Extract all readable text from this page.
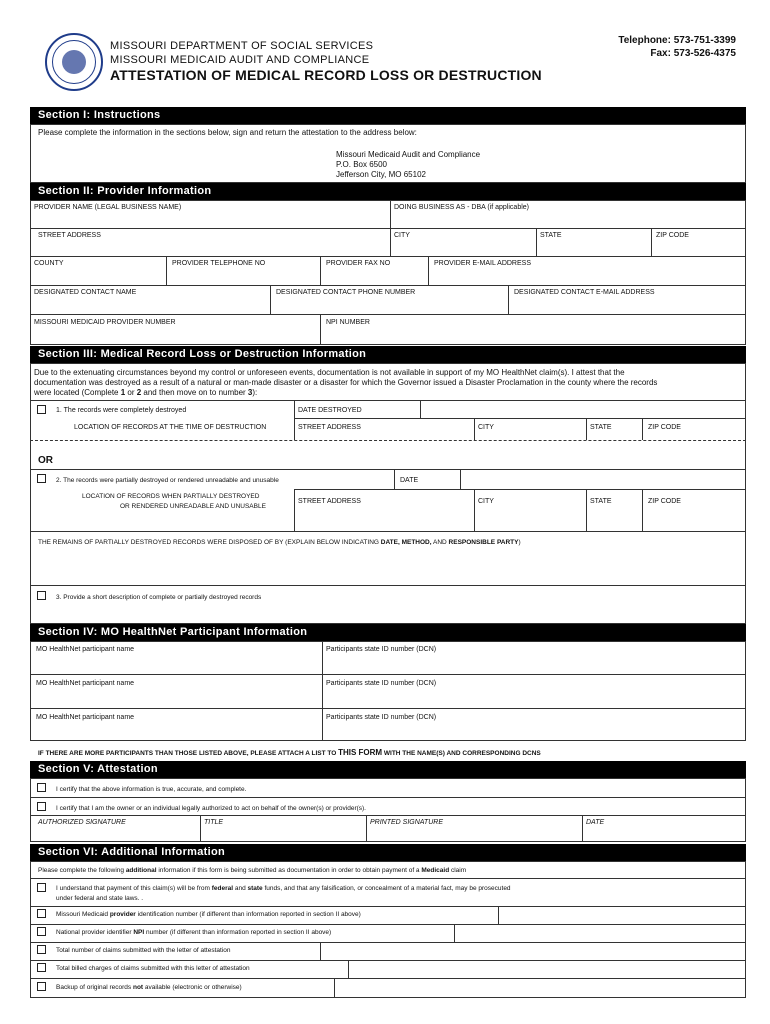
MISSOURI DEPARTMENT OF SOCIAL SERVICES
MISSOURI MEDICAID AUDIT AND COMPLIANCE
ATTESTATION OF MEDICAL RECORD LOSS OR DESTRUCTION
Telephone: 573-751-3399
Fax: 573-526-4375
Section I: Instructions
Please complete the information in the sections below, sign and return the attestation to the address below:
Missouri Medicaid Audit and Compliance
P.O. Box 6500
Jefferson City, MO 65102
Section II: Provider Information
PROVIDER NAME (LEGAL BUSINESS NAME)	DOING BUSINESS AS - DBA (if applicable)
STREET ADDRESS	CITY	STATE	ZIP CODE
COUNTY	PROVIDER TELEPHONE NO	PROVIDER FAX NO	PROVIDER E-MAIL ADDRESS
DESIGNATED CONTACT NAME	DESIGNATED CONTACT PHONE NUMBER	DESIGNATED CONTACT E-MAIL ADDRESS
MISSOURI MEDICAID PROVIDER NUMBER	NPI NUMBER
Section III: Medical Record Loss or Destruction Information
Due to the extenuating circumstances beyond my control or unforeseen events, documentation is not available in support of my MO HealthNet claim(s). I attest that the
documentation was destroyed as a result of a natural or man-made disaster or a disaster for which the Governor issued a Disaster Proclamation in the county where the records
were located (Complete 1 or 2 and then move on to number 3):
1. The records were completely destroyed	DATE DESTROYED
LOCATION OF RECORDS AT THE TIME OF DESTRUCTION	STREET ADDRESS	CITY	STATE	ZIP CODE
OR
2. The records were partially destroyed or rendered unreadable and unusable	DATE
LOCATION OF RECORDS WHEN PARTIALLY DESTROYED
OR RENDERED UNREADABLE AND UNUSABLE
STREET ADDRESS	CITY	STATE	ZIP CODE
THE REMAINS OF PARTIALLY DESTROYED RECORDS WERE DISPOSED OF BY (EXPLAIN BELOW INDICATING DATE, METHOD, AND RESPONSIBLE PARTY)
3. Provide a short description of complete or partially destroyed records
Section IV: MO HealthNet Participant Information
MO HealthNet participant name	Participants state ID number (DCN)
MO HealthNet participant name	Participants state ID number (DCN)
MO HealthNet participant name	Participants state ID number (DCN)
IF THERE ARE MORE PARTICIPANTS THAN THOSE LISTED ABOVE, PLEASE ATTACH A LIST TO THIS FORM WITH THE NAME(S) AND CORRESPONDING DCNS
Section V: Attestation
I certify that the above information is true, accurate, and complete.
I certify that I am the owner or an individual legally authorized to act on behalf of the owner(s) or provider(s).
AUTHORIZED SIGNATURE	TITLE	PRINTED SIGNATURE	DATE
Section VI: Additional Information
Please complete the following additional information if this form is being submitted as documentation in order to obtain payment of a Medicaid claim
I understand that payment of this claim(s) will be from federal and state funds, and that any falsification, or concealment of a material fact, may be prosecuted
under federal and state laws. .
Missouri Medicaid provider identification number (if different than information reported in section II above)
National provider identifier NPI number (if different than information reported in section II above)
Total number of claims submitted with the letter of attestation
Total billed charges of claims submitted with this letter of attestation
Backup of original records not available (electronic or otherwise)
